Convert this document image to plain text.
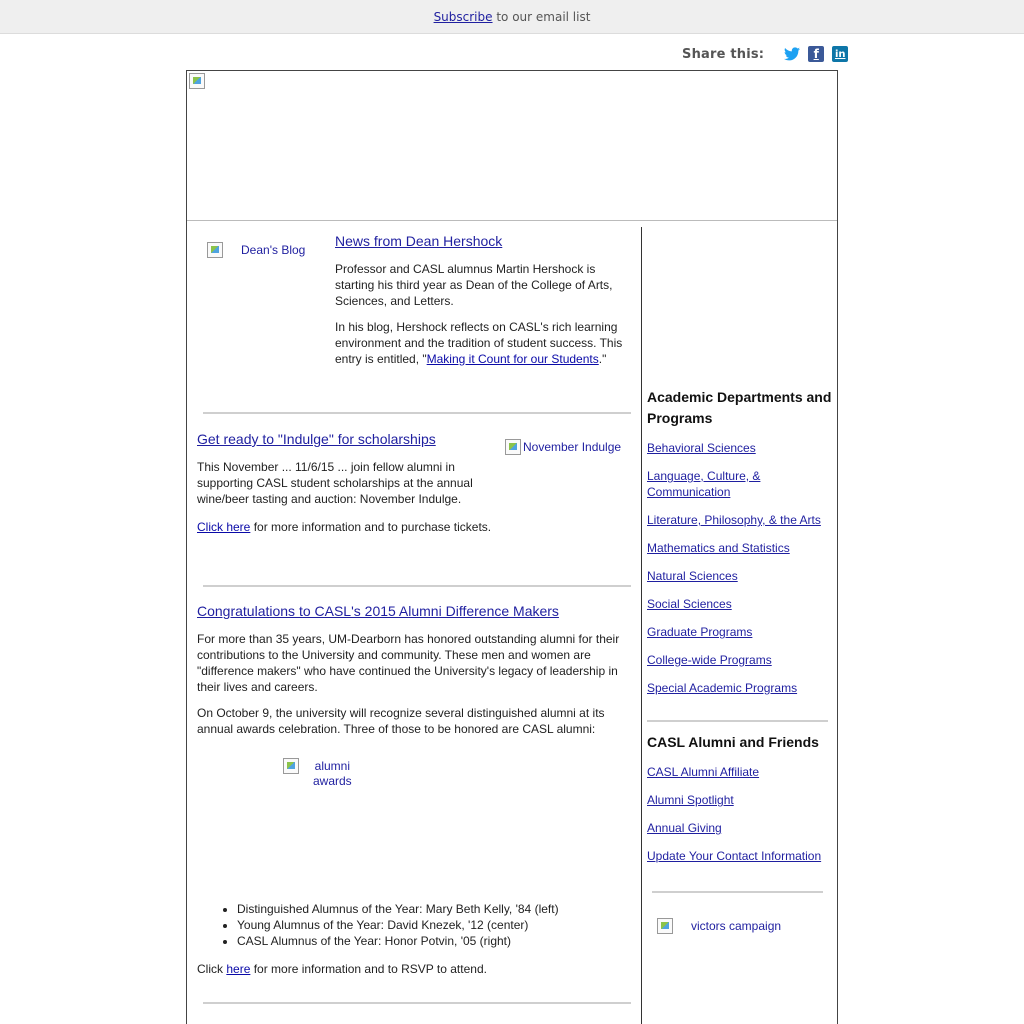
Subscribe to our email list
Share this:	f	in
Dean's Blog
News from Dean Hershock

Professor and CASL alumnus Martin Hershock is starting his third year as Dean of the College of Arts, Sciences, and Letters.

In his blog, Hershock reflects on CASL's rich learning environment and the tradition of student success. This entry is entitled, "Making it Count for our Students."

Get ready to "Indulge" for scholarships	November Indulge

This November ... 11/6/15 ... join fellow alumni in supporting CASL student scholarships at the annual wine/beer tasting and auction: November Indulge.

Click here for more information and to purchase tickets.

Congratulations to CASL's 2015 Alumni Difference Makers

For more than 35 years, UM-Dearborn has honored outstanding alumni for their contributions to the University and community. These men and women are "difference makers" who have continued the University's legacy of leadership in their lives and careers.

On October 9, the university will recognize several distinguished alumni at its annual awards celebration. Three of those to be honored are CASL alumni:

alumni
awards
• Distinguished Alumnus of the Year: Mary Beth Kelly, '84 (left)
• Young Alumnus of the Year: David Knezek, '12 (center)
• CASL Alumnus of the Year: Honor Potvin, '05 (right)

Click here for more information and to RSVP to attend.

Academic Departments and Programs
Behavioral Sciences
Language, Culture, & Communication
Literature, Philosophy, & the Arts
Mathematics and Statistics
Natural Sciences
Social Sciences
Graduate Programs
College-wide Programs
Special Academic Programs
CASL Alumni and Friends
CASL Alumni Affiliate
Alumni Spotlight
Annual Giving
Update Your Contact Information
victors campaign
